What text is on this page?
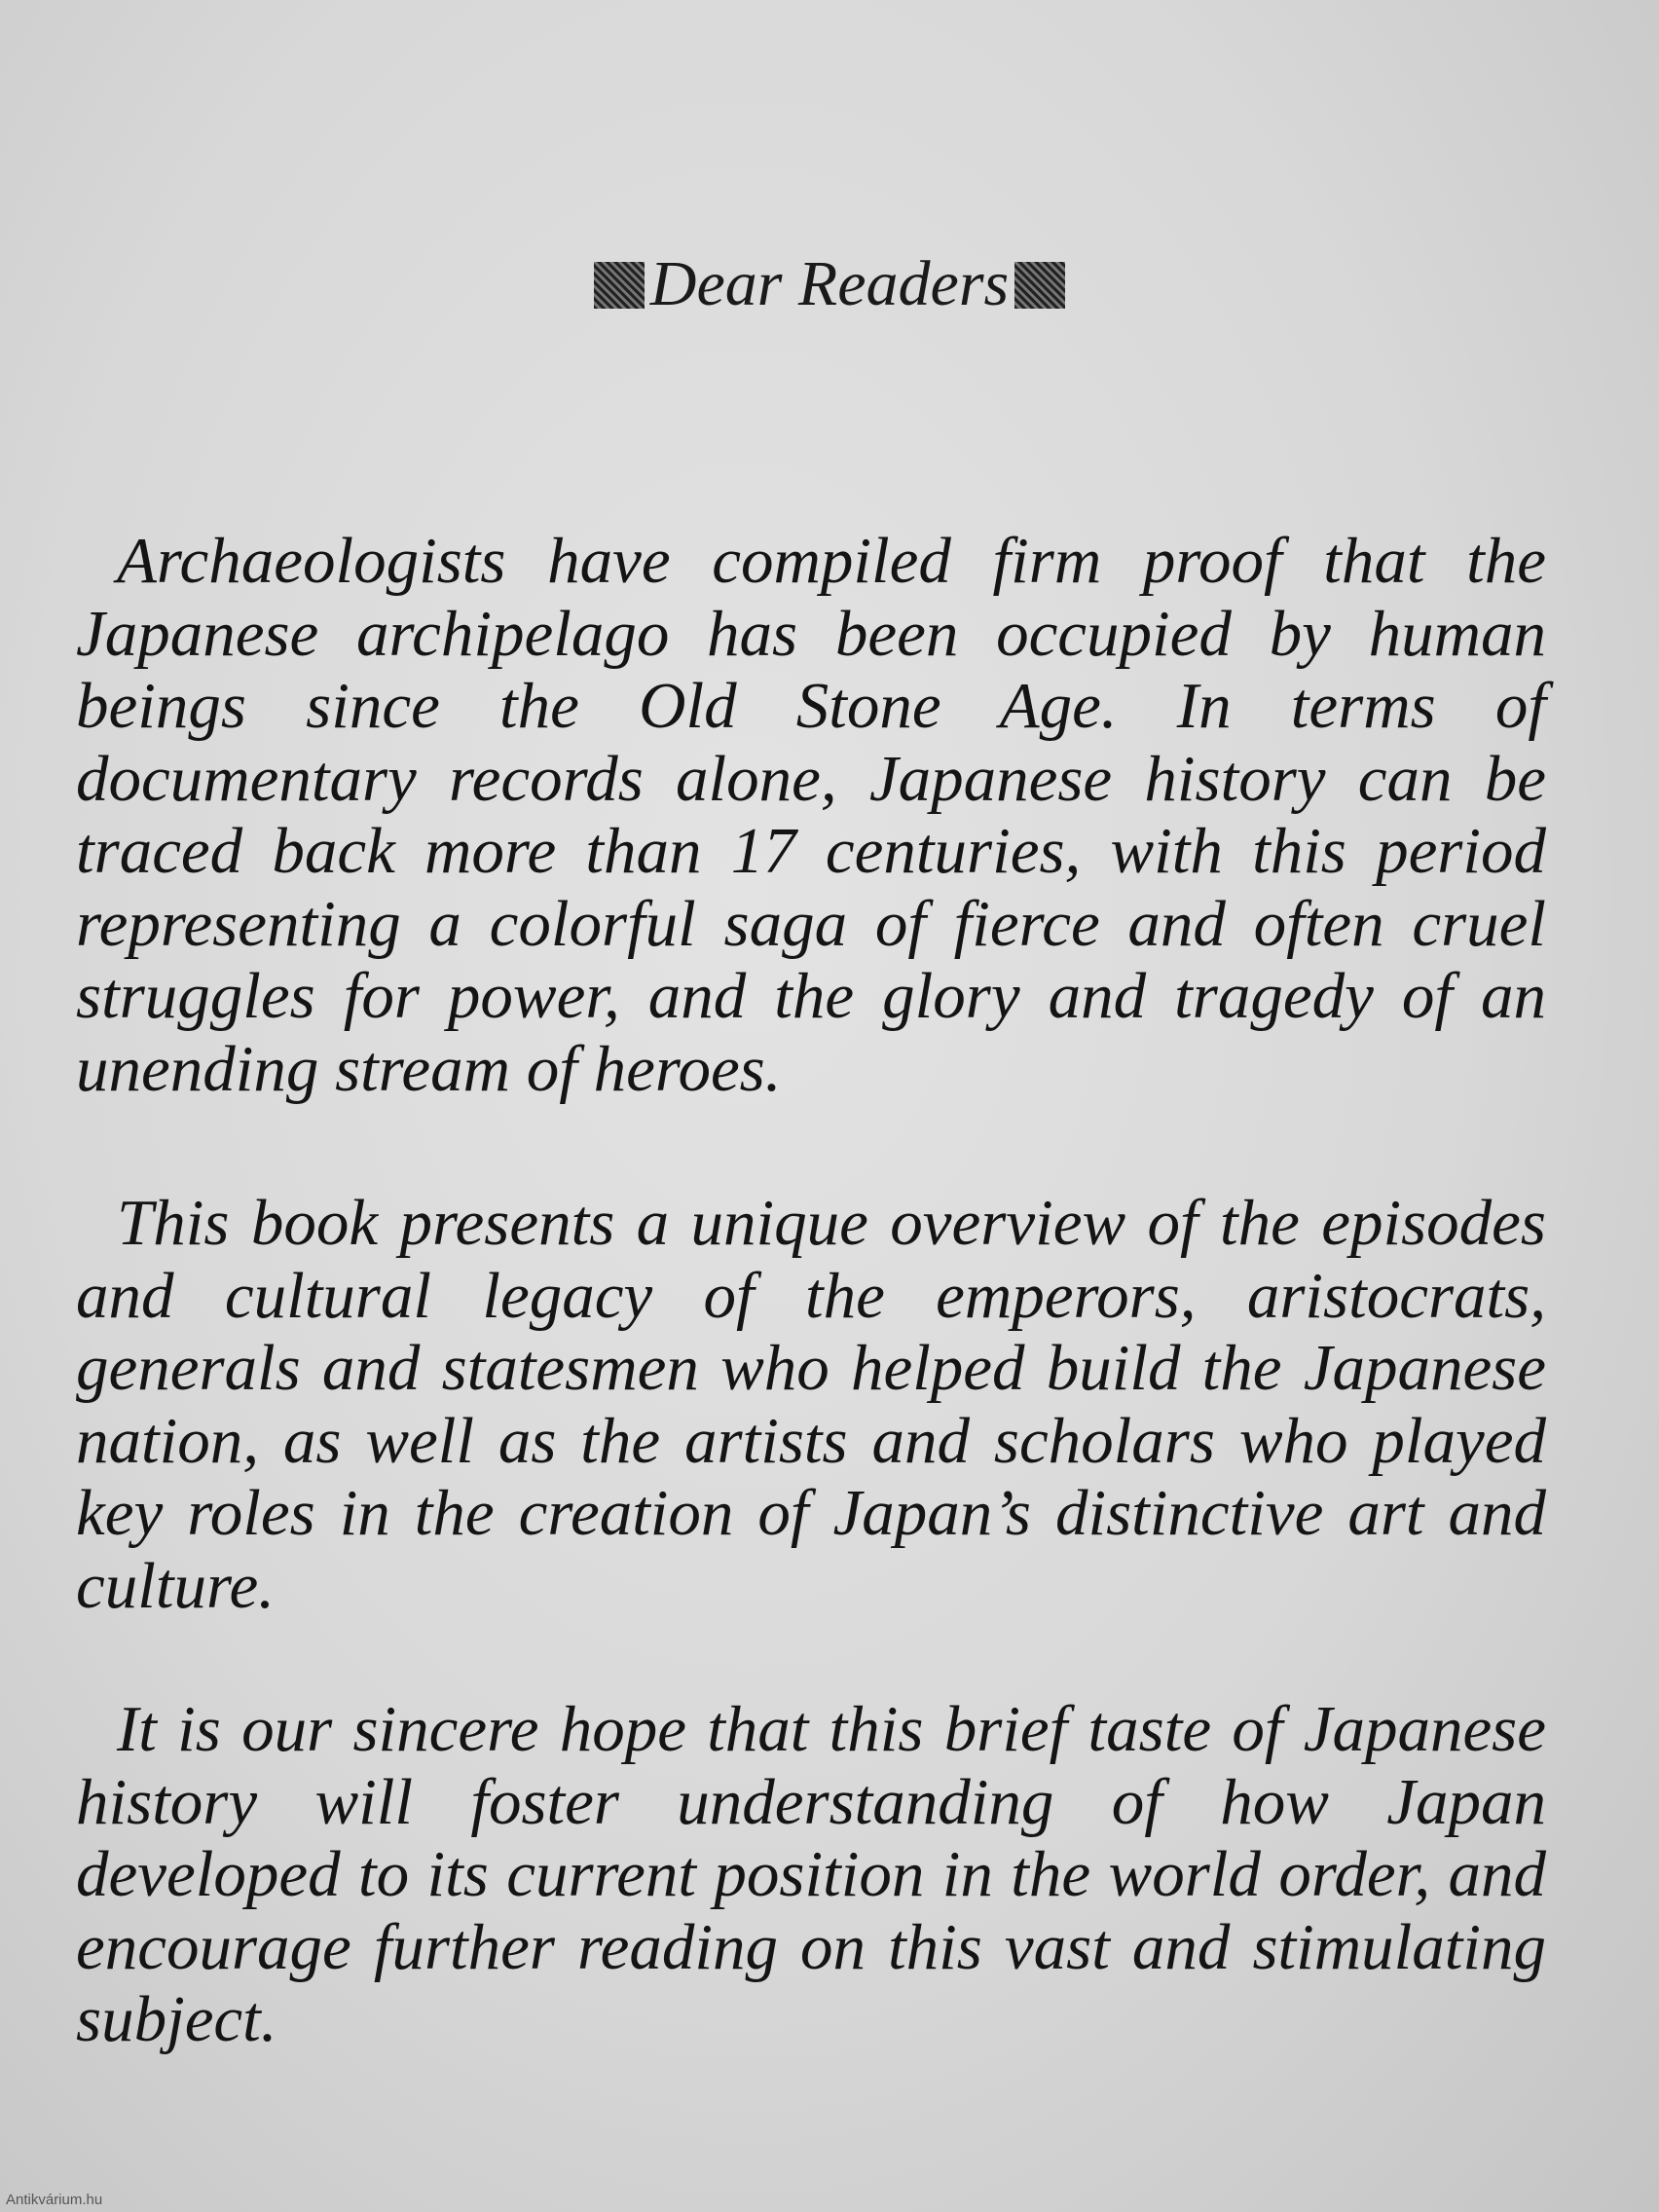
Dear Readers

Archaeologists have compiled firm proof that the Japanese archipelago has been occupied by human beings since the Old Stone Age. In terms of documentary records alone, Japanese history can be traced back more than 17 centuries, with this period representing a colorful saga of fierce and often cruel struggles for power, and the glory and tragedy of an unending stream of heroes.

This book presents a unique overview of the episodes and cultural legacy of the emperors, aristocrats, generals and statesmen who helped build the Japanese nation, as well as the artists and scholars who played key roles in the creation of Japan’s distinctive art and culture.

It is our sincere hope that this brief taste of Japanese history will foster understanding of how Japan developed to its current position in the world order, and encourage further reading on this vast and stimulating subject.

Antikvárium.hu
